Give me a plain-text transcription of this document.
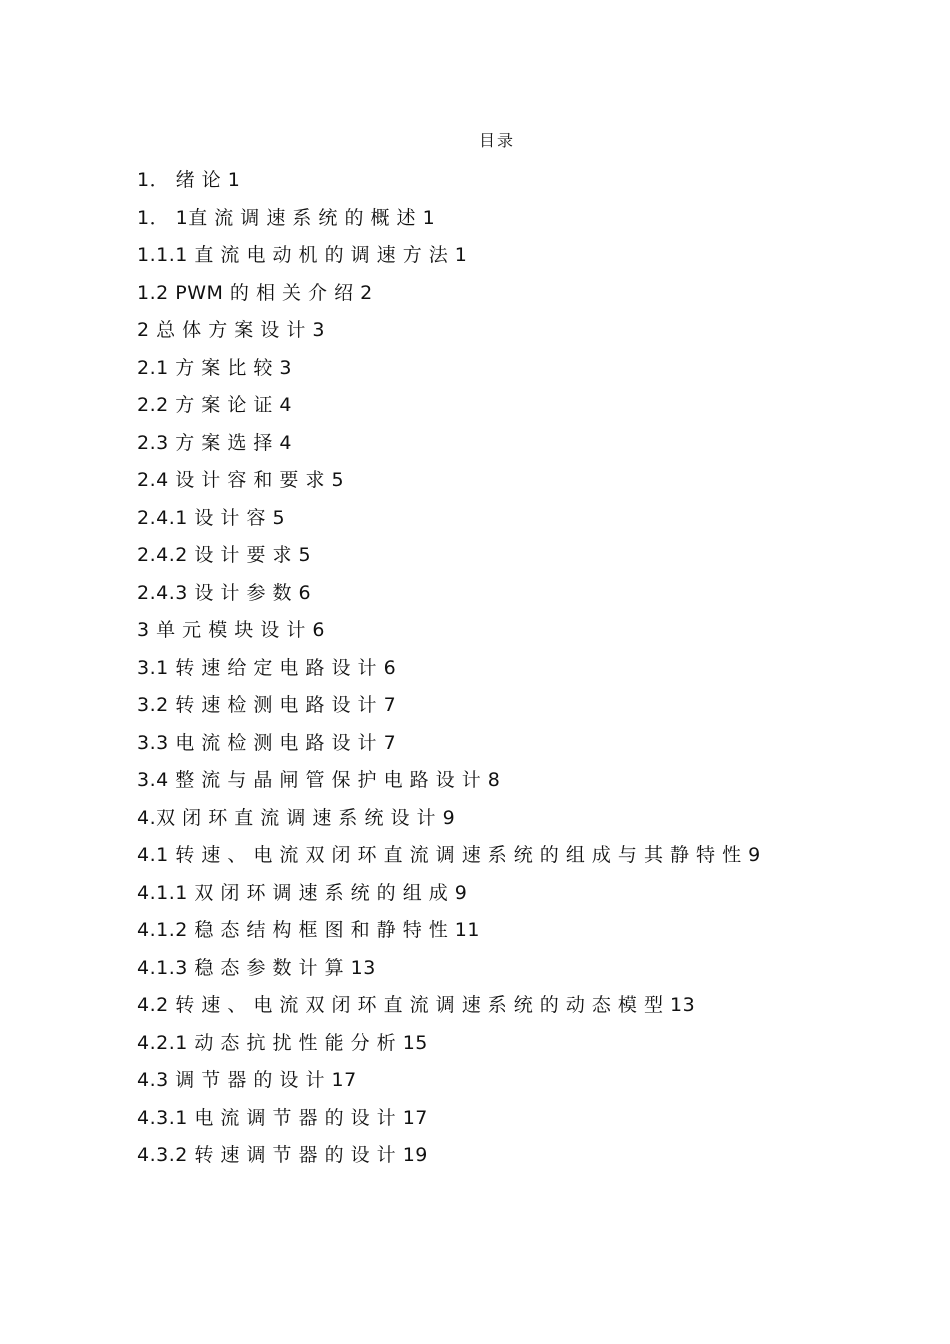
目录
1． 绪 论 1
1． 1直 流 调 速 系 统 的 概 述 1
1.1.1 直 流 电 动 机 的 调 速 方 法 1
1.2 PWM 的 相 关 介 绍 2
2 总 体 方 案 设 计 3
2.1 方 案 比 较 3
2.2 方 案 论 证 4
2.3 方 案 选 择 4
2.4 设 计 容 和 要 求 5
2.4.1 设 计 容 5
2.4.2 设 计 要 求 5
2.4.3 设 计 参 数 6
3 单 元 模 块 设 计 6
3.1 转 速 给 定 电 路 设 计 6
3.2 转 速 检 测 电 路 设 计 7
3.3 电 流 检 测 电 路 设 计 7
3.4 整 流 与 晶 闸 管 保 护 电 路 设 计 8
4.双 闭 环 直 流 调 速 系 统 设 计 9
4.1 转 速 、 电 流 双 闭 环 直 流 调 速 系 统 的 组 成 与 其 静 特 性 9
4.1.1 双 闭 环 调 速 系 统 的 组 成 9
4.1.2 稳 态 结 构 框 图 和 静 特 性 11
4.1.3 稳 态 参 数 计 算 13
4.2 转 速 、 电 流 双 闭 环 直 流 调 速 系 统 的 动 态 模 型 13
4.2.1 动 态 抗 扰 性 能 分 析 15
4.3 调 节 器 的 设 计 17
4.3.1 电 流 调 节 器 的 设 计 17
4.3.2 转 速 调 节 器 的 设 计 19
